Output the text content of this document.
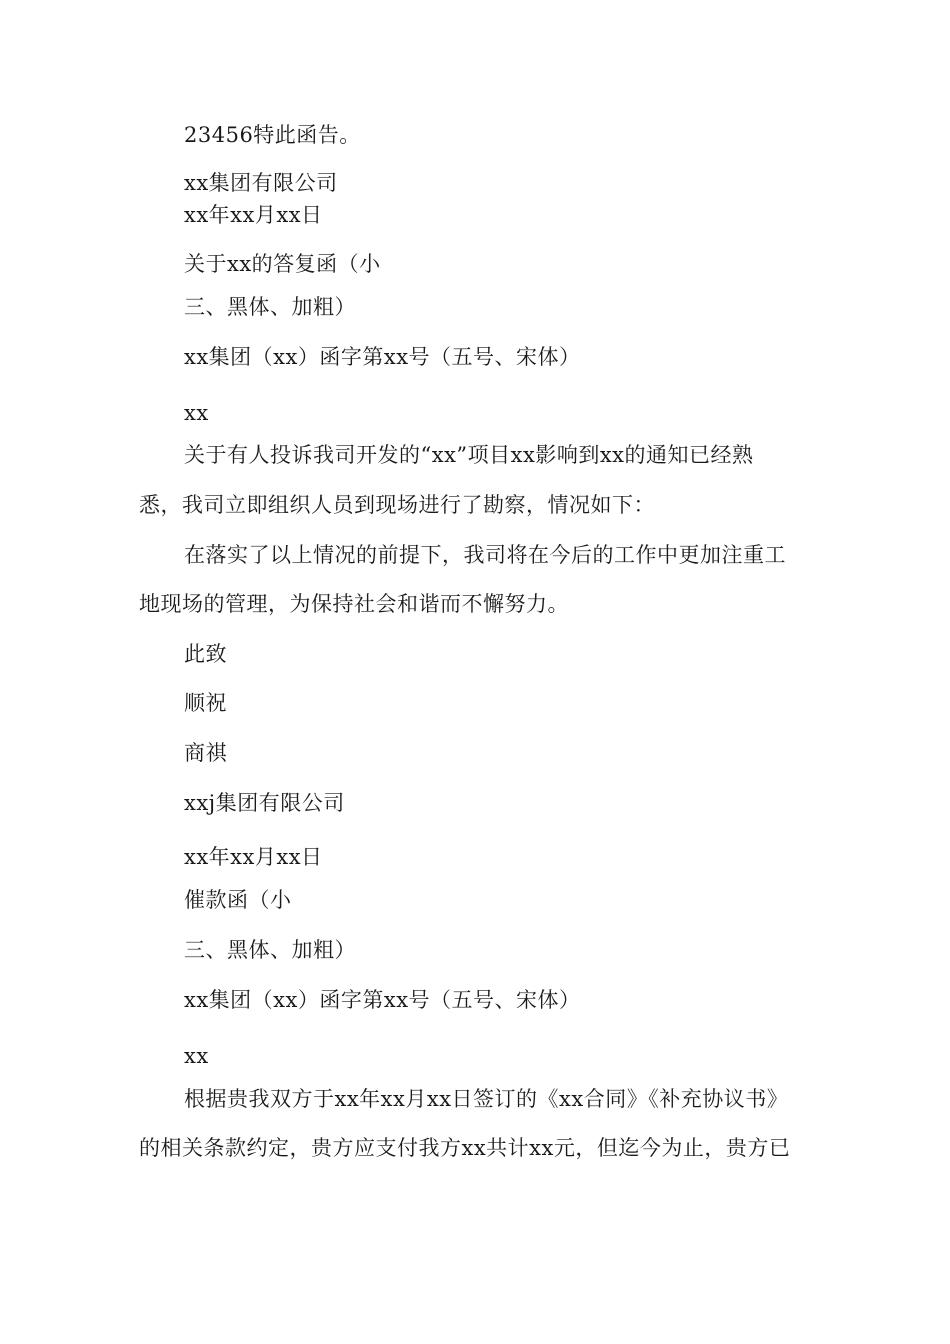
23456特此函告。
xx集团有限公司
xx年xx月xx日
关于xx的答复函（小
三、黑体、加粗）
xx集团（xx）函字第xx号（五号、宋体）
xx
关于有人投诉我司开发的“xx”项目xx影响到xx的通知已经熟
悉，我司立即组织人员到现场进行了勘察，情况如下：
在落实了以上情况的前提下，我司将在今后的工作中更加注重工
地现场的管理，为保持社会和谐而不懈努力。
此致
顺祝
商祺
xxj集团有限公司
xx年xx月xx日
催款函（小
三、黑体、加粗）
xx集团（xx）函字第xx号（五号、宋体）
xx
根据贵我双方于xx年xx月xx日签订的《xx合同》《补充协议书》
的相关条款约定，贵方应支付我方xx共计xx元，但迄今为止，贵方已
